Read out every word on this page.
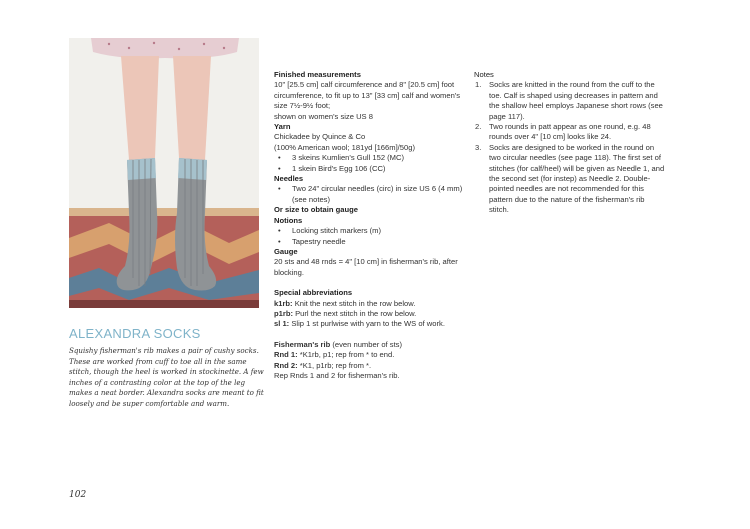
ALEXANDRA SOCKS
Squishy fisherman's rib makes a pair of cushy socks. These are worked from cuff to toe all in the same stitch, though the heel is worked in stockinette. A few inches of a contrasting color at the top of the leg makes a neat border. Alexandra socks are meant to fit loosely and be super comfortable and warm.
Finished measurements
10" [25.5 cm] calf circumference and 8" [20.5 cm] foot circumference, to fit up to 13" [33 cm] calf and women's size 7½-9½ foot;
shown on women's size US 8
Yarn
Chickadee by Quince & Co
(100% American wool; 181yd [166m]/50g)
• 3 skeins Kumlien's Gull 152 (MC)
• 1 skein Bird's Egg 106 (CC)
Needles
• Two 24" circular needles (circ) in size US 6 (4 mm) (see notes)
Or size to obtain gauge
Notions
• Locking stitch markers (m)
• Tapestry needle
Gauge
20 sts and 48 rnds = 4" [10 cm] in fisherman's rib, after blocking.
Special abbreviations
k1rb: Knit the next stitch in the row below.
p1rb: Purl the next stitch in the row below.
sl 1: Slip 1 st purlwise with yarn to the WS of work.
Fisherman's rib (even number of sts)
Rnd 1: *K1rb, p1; rep from * to end.
Rnd 2: *K1, p1rb; rep from *.
Rep Rnds 1 and 2 for fisherman's rib.
Notes
1. Socks are knitted in the round from the cuff to the toe. Calf is shaped using decreases in pattern and the shallow heel employs Japanese short rows (see page 117).
2. Two rounds in patt appear as one round, e.g. 48 rounds over 4" [10 cm] looks like 24.
3. Socks are designed to be worked in the round on two circular needles (see page 118). The first set of stitches (for calf/heel) will be given as Needle 1, and the second set (for instep) as Needle 2. Double-pointed needles are not recommended for this pattern due to the nature of the fisherman's rib stitch.
102
